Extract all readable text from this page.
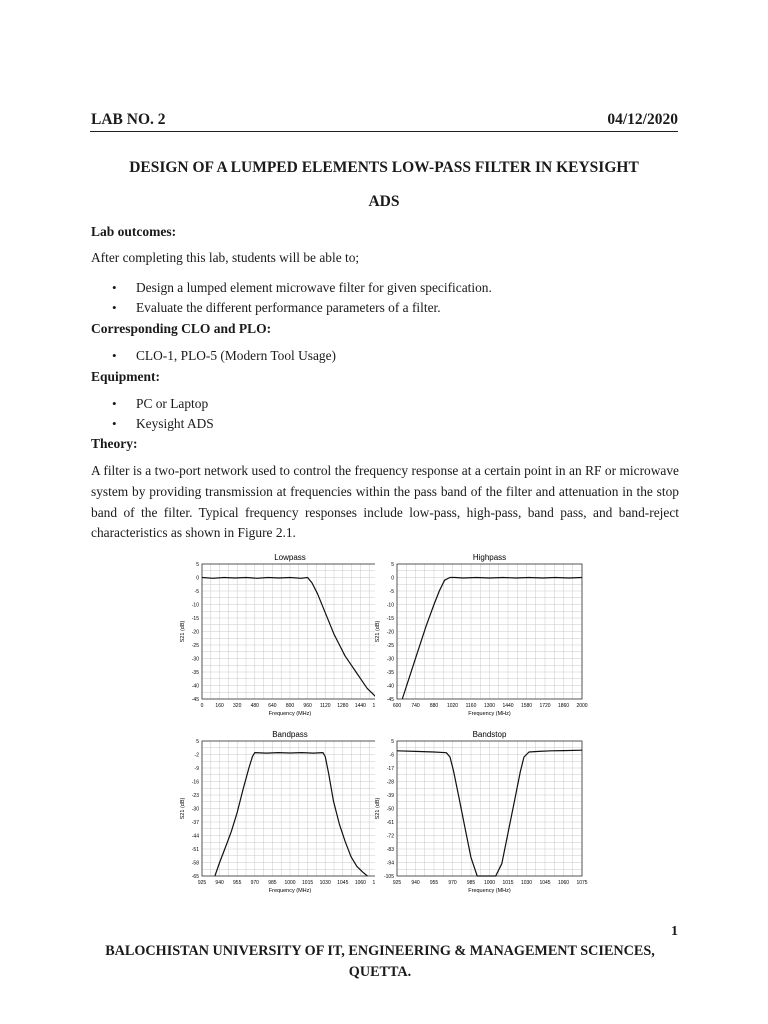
LAB NO. 2	04/12/2020
DESIGN OF A LUMPED ELEMENTS LOW-PASS FILTER IN KEYSIGHT
ADS
Lab outcomes:
After completing this lab, students will be able to;
• Design a lumped element microwave filter for given specification.
• Evaluate the different performance parameters of a filter.
Corresponding CLO and PLO:
• CLO-1, PLO-5 (Modern Tool Usage)
Equipment:
• PC or Laptop
• Keysight ADS
Theory:
A filter is a two-port network used to control the frequency response at a certain point in an RF or microwave system by providing transmission at frequencies within the pass band of the filter and attenuation in the stop band of the filter. Typical frequency responses include low-pass, high-pass, band pass, and band-reject characteristics as shown in Figure 2.1.
Lowpass
0 160 320 480 640 800 960 1120 1280 1440 1600
5
0
-5
-10
-15
-20
-25
-30
-35
-40
-45
Frequency (MHz)
S21 (dB)
Highpass
600 740 880 1020 1160 1300 1440 1580 1720 1860 2000
5
0
-5
-10
-15
-20
-25
-30
-35
-40
-45
Frequency (MHz)
S21 (dB)
Bandpass
925 940 955 970 985 1000 1015 1030 1045 1060 1075
5
-2
-9
-16
-23
-30
-37
-44
-51
-58
-65
Frequency (MHz)
S21 (dB)
Bandstop
925 940 955 970 985 1000 1015 1030 1045 1060 1075
5
-6
-17
-28
-39
-50
-61
-72
-83
-94
-105
Frequency (MHz)
S21 (dB)
1
BALOCHISTAN UNIVERSITY OF IT, ENGINEERING & MANAGEMENT SCIENCES,
QUETTA.
